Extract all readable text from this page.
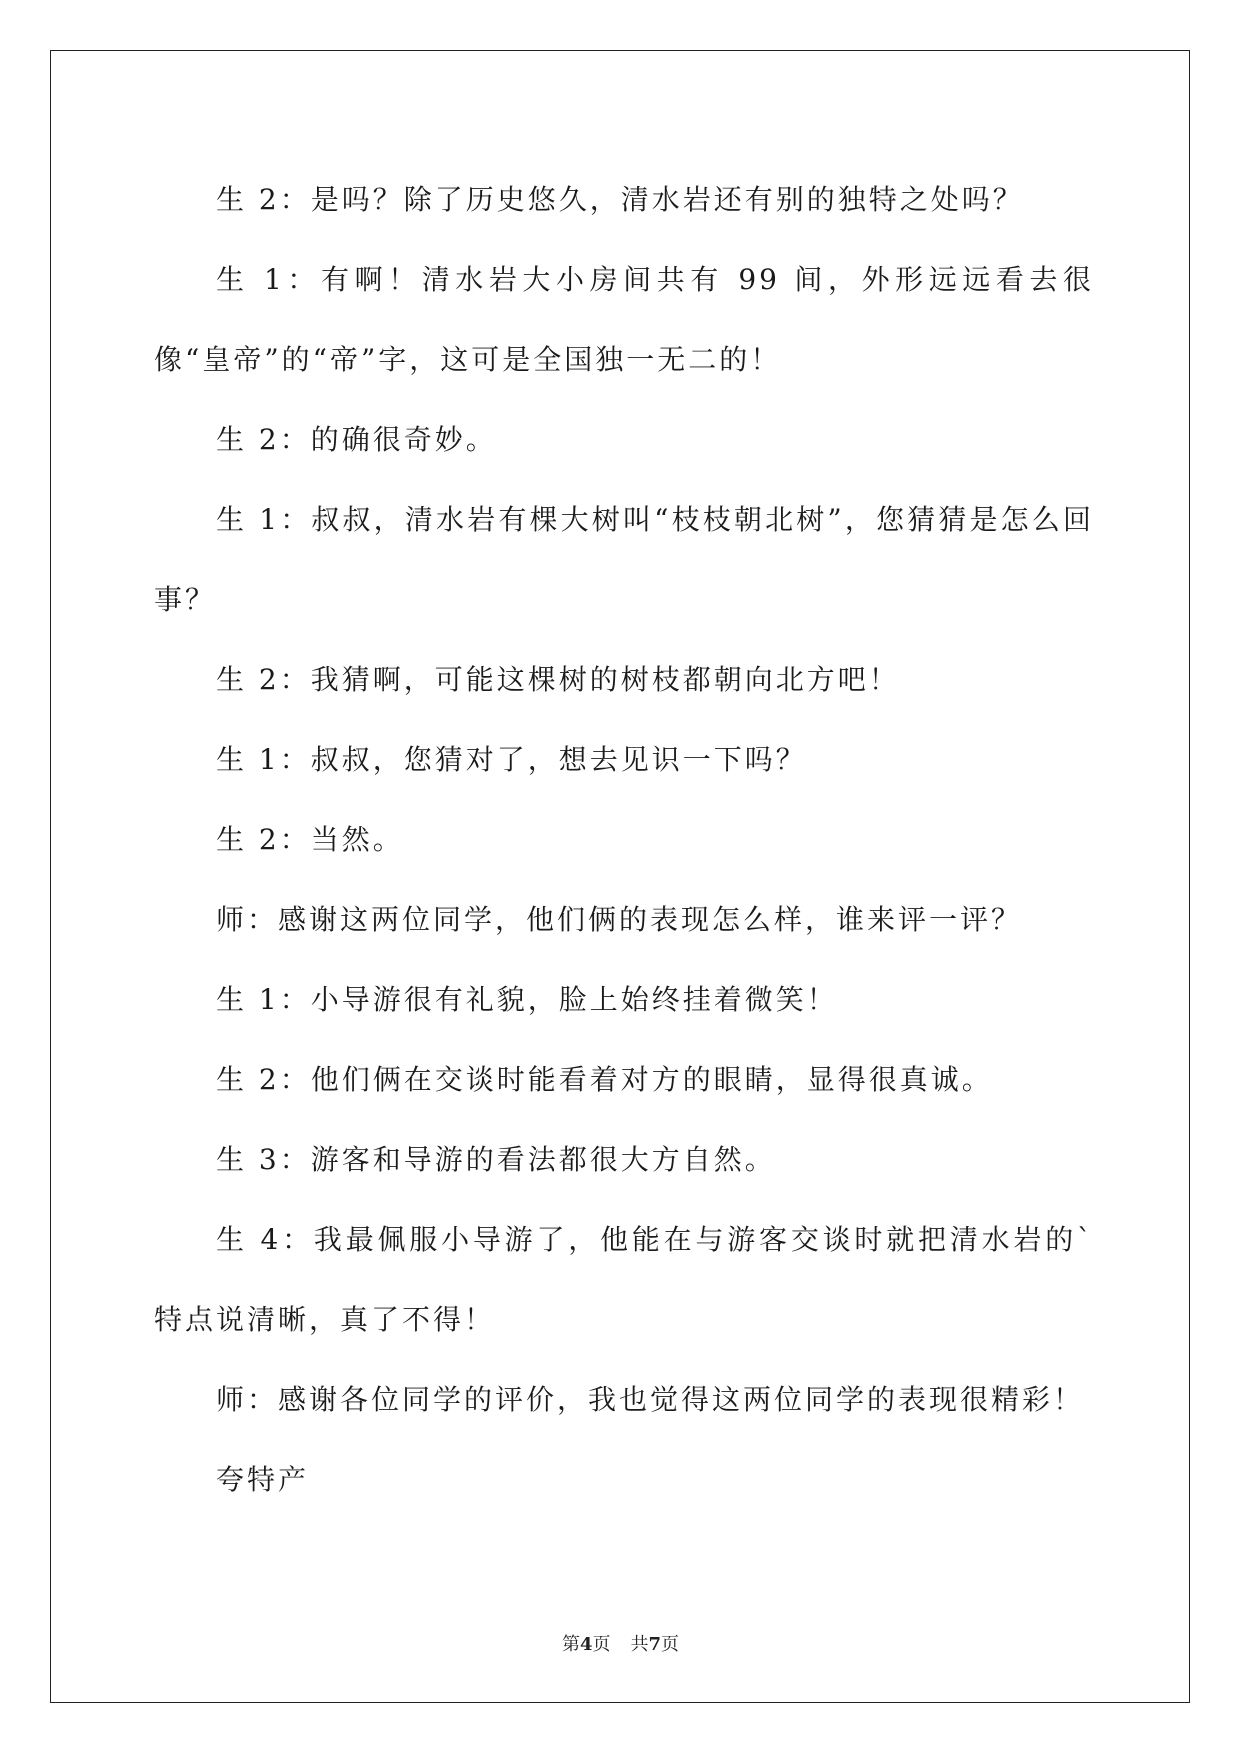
生 2：是吗？除了历史悠久，清水岩还有别的独特之处吗？

生 1：有啊！清水岩大小房间共有 99 间，外形远远看去很像“皇帝”的“帝”字，这可是全国独一无二的！

生 2：的确很奇妙。

生 1：叔叔，清水岩有棵大树叫“枝枝朝北树”，您猜猜是怎么回事？

生 2：我猜啊，可能这棵树的树枝都朝向北方吧！

生 1：叔叔，您猜对了，想去见识一下吗？

生 2：当然。

师：感谢这两位同学，他们俩的表现怎么样，谁来评一评？

生 1：小导游很有礼貌，脸上始终挂着微笑！

生 2：他们俩在交谈时能看着对方的眼睛，显得很真诚。

生 3：游客和导游的看法都很大方自然。

生 4：我最佩服小导游了，他能在与游客交谈时就把清水岩的`特点说清晰，真了不得！

师：感谢各位同学的评价，我也觉得这两位同学的表现很精彩！

夸特产

第4页 共7页
